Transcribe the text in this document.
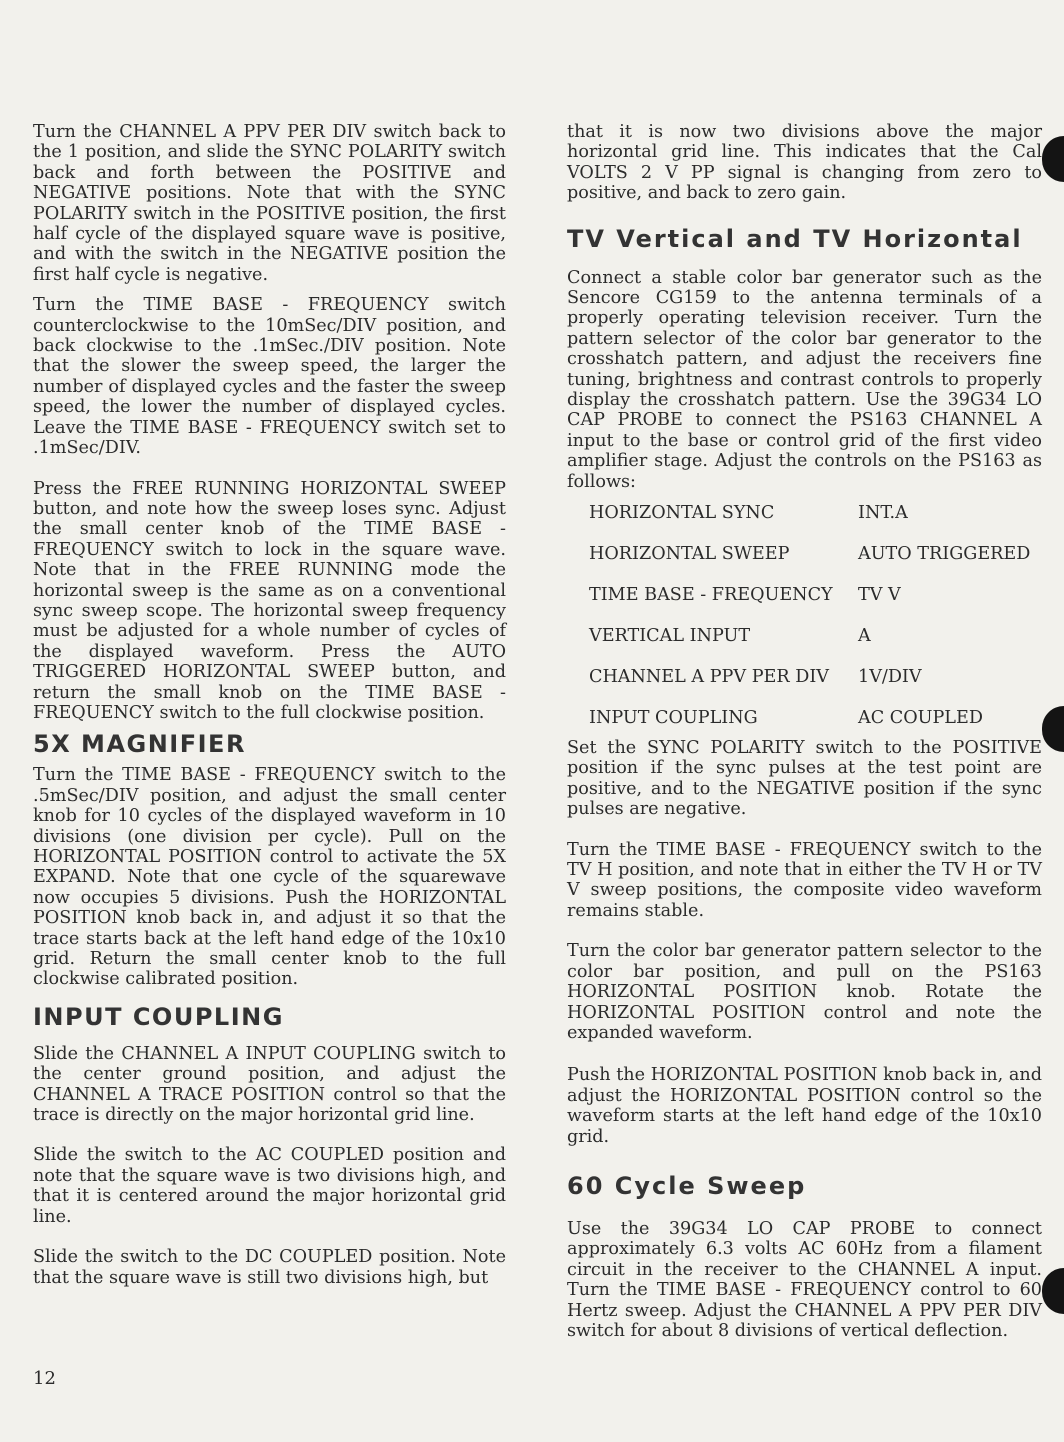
Turn the CHANNEL A PPV PER DIV switch back to the 1 position, and slide the SYNC POLARITY switch back and forth between the POSITIVE and NEGATIVE positions. Note that with the SYNC POLARITY switch in the POSITIVE position, the first half cycle of the displayed square wave is positive, and with the switch in the NEGATIVE position the first half cycle is negative.

Turn the TIME BASE - FREQUENCY switch counterclockwise to the 10mSec/DIV position, and back clockwise to the .1mSec./DIV position. Note that the slower the sweep speed, the larger the number of displayed cycles and the faster the sweep speed, the lower the number of displayed cycles. Leave the TIME BASE - FREQUENCY switch set to .1mSec/DIV.

Press the FREE RUNNING HORIZONTAL SWEEP button, and note how the sweep loses sync. Adjust the small center knob of the TIME BASE - FREQUENCY switch to lock in the square wave. Note that in the FREE RUNNING mode the horizontal sweep is the same as on a conventional sync sweep scope. The horizontal sweep frequency must be adjusted for a whole number of cycles of the displayed waveform. Press the AUTO TRIGGERED HORIZONTAL SWEEP button, and return the small knob on the TIME BASE - FREQUENCY switch to the full clockwise position.

5X MAGNIFIER

Turn the TIME BASE - FREQUENCY switch to the .5mSec/DIV position, and adjust the small center knob for 10 cycles of the displayed waveform in 10 divisions (one division per cycle). Pull on the HORIZONTAL POSITION control to activate the 5X EXPAND. Note that one cycle of the squarewave now occupies 5 divisions. Push the HORIZONTAL POSITION knob back in, and adjust it so that the trace starts back at the left hand edge of the 10x10 grid. Return the small center knob to the full clockwise calibrated position.

INPUT COUPLING

Slide the CHANNEL A INPUT COUPLING switch to the center ground position, and adjust the CHANNEL A TRACE POSITION control so that the trace is directly on the major horizontal grid line.

Slide the switch to the AC COUPLED position and note that the square wave is two divisions high, and that it is centered around the major horizontal grid line.

Slide the switch to the DC COUPLED position. Note that the square wave is still two divisions high, but

that it is now two divisions above the major horizontal grid line. This indicates that the Cal VOLTS 2 V PP signal is changing from zero to positive, and back to zero gain.

TV Vertical and TV Horizontal

Connect a stable color bar generator such as the Sencore CG159 to the antenna terminals of a properly operating television receiver. Turn the pattern selector of the color bar generator to the crosshatch pattern, and adjust the receivers fine tuning, brightness and contrast controls to properly display the crosshatch pattern. Use the 39G34 LO CAP PROBE to connect the PS163 CHANNEL A input to the base or control grid of the first video amplifier stage. Adjust the controls on the PS163 as follows:

HORIZONTAL SYNC	INT.A
HORIZONTAL SWEEP	AUTO TRIGGERED
TIME BASE - FREQUENCY	TV V
VERTICAL INPUT	A
CHANNEL A PPV PER DIV	1V/DIV
INPUT COUPLING	AC COUPLED

Set the SYNC POLARITY switch to the POSITIVE position if the sync pulses at the test point are positive, and to the NEGATIVE position if the sync pulses are negative.

Turn the TIME BASE - FREQUENCY switch to the TV H position, and note that in either the TV H or TV V sweep positions, the composite video waveform remains stable.

Turn the color bar generator pattern selector to the color bar position, and pull on the PS163 HORIZONTAL POSITION knob. Rotate the HORIZONTAL POSITION control and note the expanded waveform.

Push the HORIZONTAL POSITION knob back in, and adjust the HORIZONTAL POSITION control so the waveform starts at the left hand edge of the 10x10 grid.

60 Cycle Sweep

Use the 39G34 LO CAP PROBE to connect approximately 6.3 volts AC 60Hz from a filament circuit in the receiver to the CHANNEL A input. Turn the TIME BASE - FREQUENCY control to 60 Hertz sweep. Adjust the CHANNEL A PPV PER DIV switch for about 8 divisions of vertical deflection.

12
